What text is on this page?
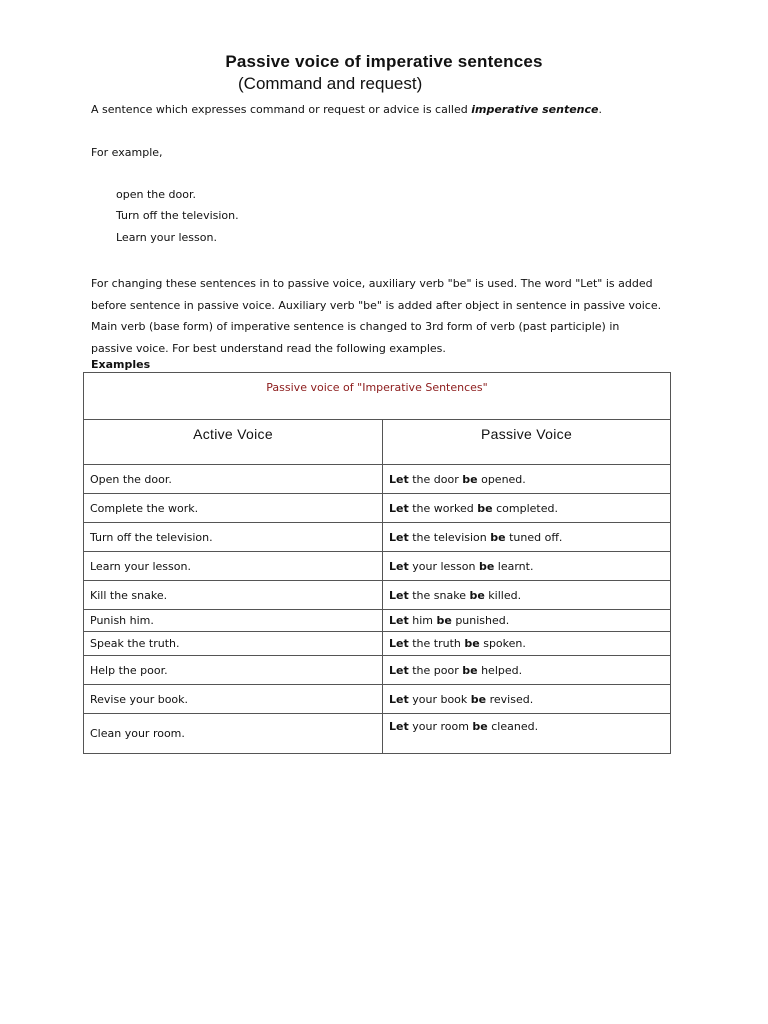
Passive voice of imperative sentences
(Command and request)
A sentence which expresses command or request or advice is called imperative sentence.
For example,
open the door.
Turn off the television.
Learn your lesson.
For changing these sentences in to passive voice, auxiliary verb "be" is used. The word "Let" is added
before sentence in passive voice. Auxiliary verb "be" is added after object in sentence in passive voice.
Main verb (base form) of imperative sentence is changed to 3rd form of verb (past participle) in
passive voice. For best understand read the following examples.
Examples
Passive voice of "Imperative Sentences"	
Active Voice	Passive Voice
Open the door.	Let the door be opened.
Complete the work.	Let the worked be completed.
Turn off the television.	Let the television be tuned off.
Learn your lesson.	Let your lesson be learnt.
Kill the snake.	Let the snake be killed.
Punish him.	Let him be punished.
Speak the truth.	Let the truth be spoken.
Help the poor.	Let the poor be helped.
Revise your book.	Let your book be revised.
Clean your room.	Let your room be cleaned.
